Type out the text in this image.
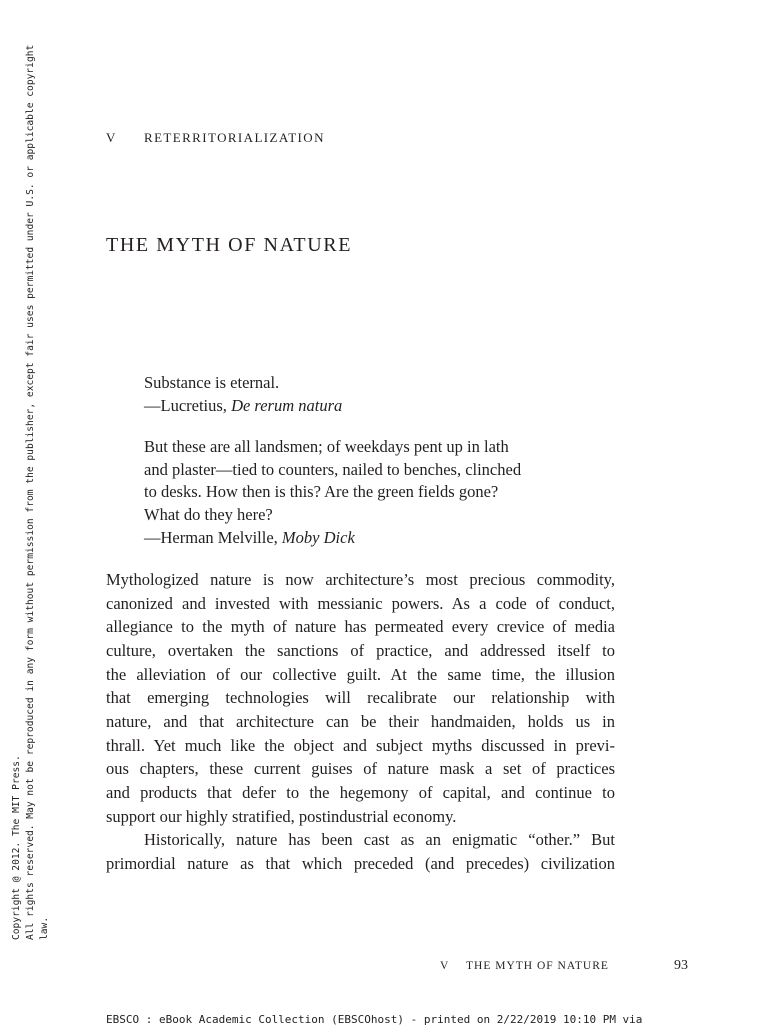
Copyright @ 2012. The MIT Press. All rights reserved. May not be reproduced in any form without permission from the publisher, except fair uses permitted under U.S. or applicable copyright law.
V RETERRITORIALIZATION
THE MYTH OF NATURE
Substance is eternal.
—Lucretius, De rerum natura
But these are all landsmen; of weekdays pent up in lath
and plaster—tied to counters, nailed to benches, clinched
to desks. How then is this? Are the green fields gone?
What do they here?
—Herman Melville, Moby Dick
Mythologized nature is now architecture’s most precious commodity,
canonized and invested with messianic powers. As a code of conduct,
allegiance to the myth of nature has permeated every crevice of media
culture, overtaken the sanctions of practice, and addressed itself to
the alleviation of our collective guilt. At the same time, the illusion
that emerging technologies will recalibrate our relationship with
nature, and that architecture can be their handmaiden, holds us in
thrall. Yet much like the object and subject myths discussed in previ-
ous chapters, these current guises of nature mask a set of practices
and products that defer to the hegemony of capital, and continue to
support our highly stratified, postindustrial economy.
Historically, nature has been cast as an enigmatic “other.” But
primordial nature as that which preceded (and precedes) civilization
V THE MYTH OF NATURE	93
EBSCO : eBook Academic Collection (EBSCOhost) - printed on 2/22/2019 10:10 PM via
